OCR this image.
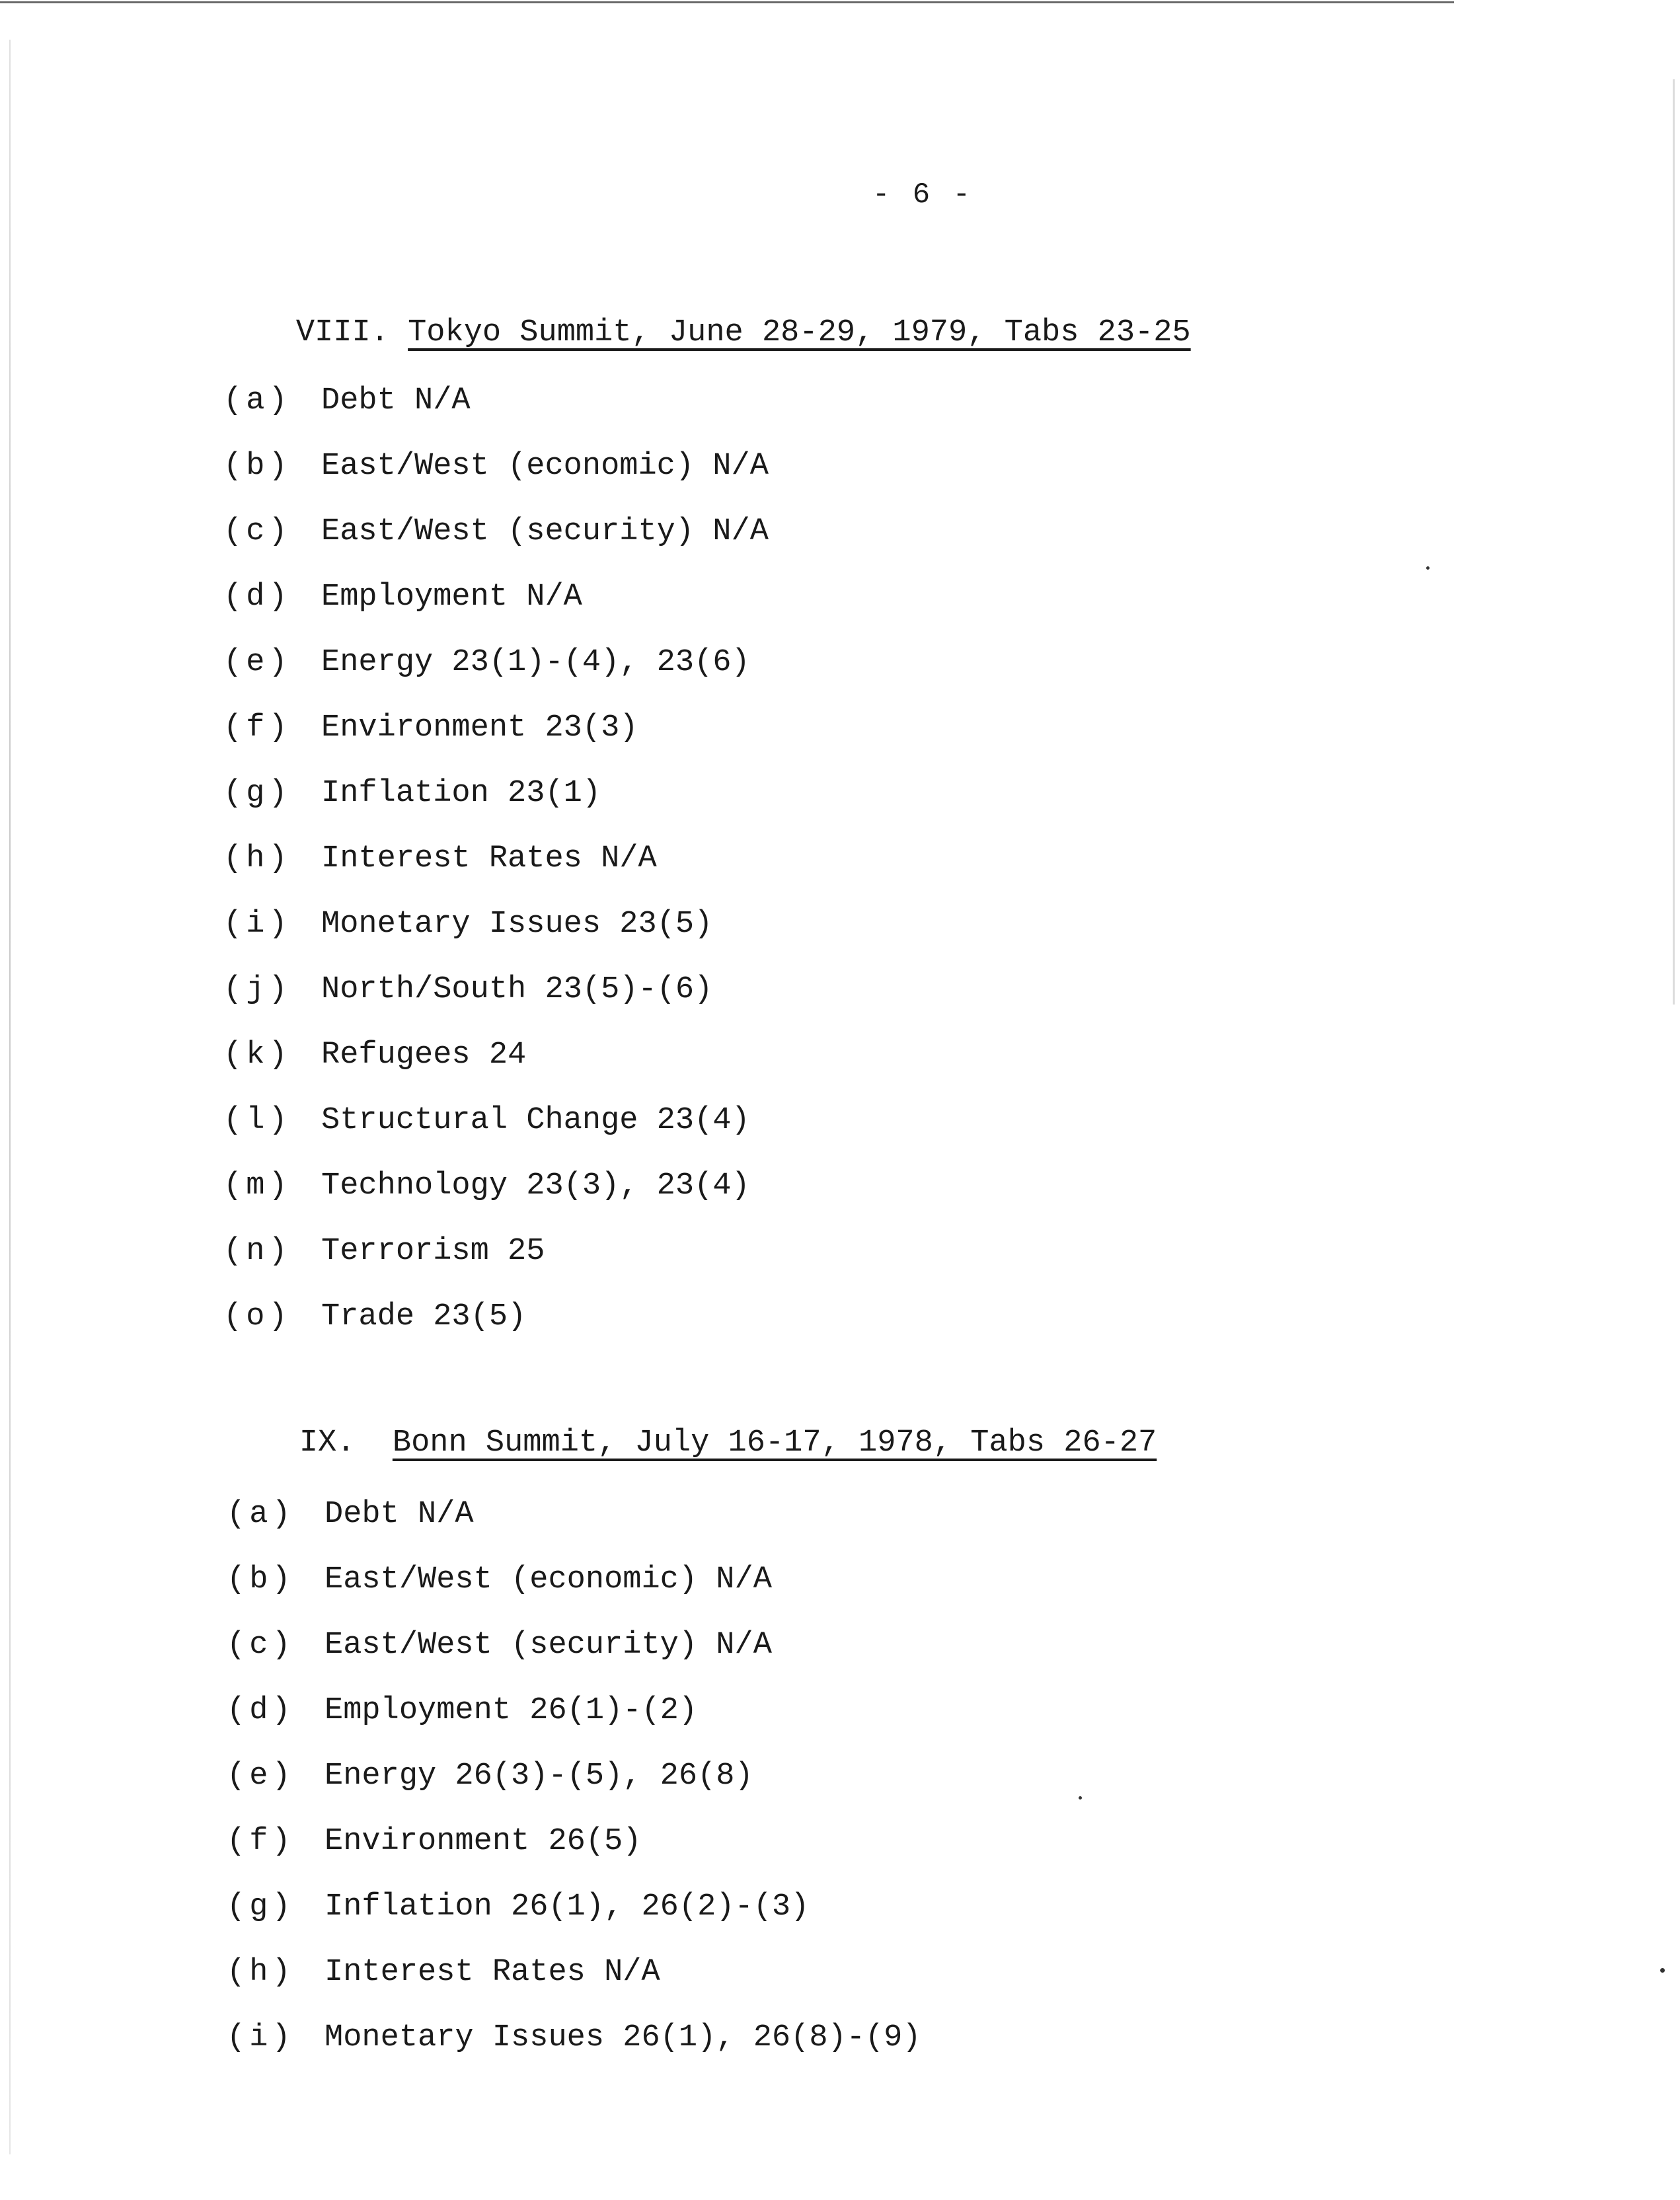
- 6 -

VIII. Tokyo Summit, June 28-29, 1979, Tabs 23-25

(a) Debt N/A
(b) East/West (economic) N/A
(c) East/West (security) N/A
(d) Employment N/A
(e) Energy 23(1)-(4), 23(6)
(f) Environment 23(3)
(g) Inflation 23(1)
(h) Interest Rates N/A
(i) Monetary Issues 23(5)
(j) North/South 23(5)-(6)
(k) Refugees 24
(l) Structural Change 23(4)
(m) Technology 23(3), 23(4)
(n) Terrorism 25
(o) Trade 23(5)

IX. Bonn Summit, July 16-17, 1978, Tabs 26-27

(a) Debt N/A
(b) East/West (economic) N/A
(c) East/West (security) N/A
(d) Employment 26(1)-(2)
(e) Energy 26(3)-(5), 26(8)
(f) Environment 26(5)
(g) Inflation 26(1), 26(2)-(3)
(h) Interest Rates N/A
(i) Monetary Issues 26(1), 26(8)-(9)
